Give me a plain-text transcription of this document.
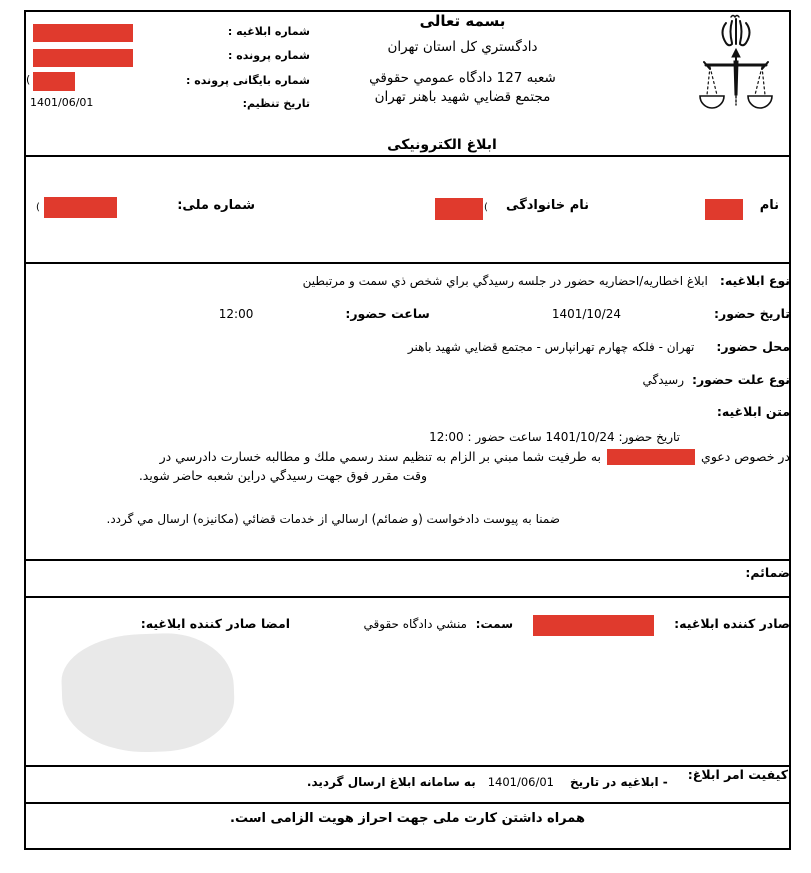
شماره ابلاغیه :
شماره پرونده :
شماره بایگانی پرونده :
تاریخ تنظیم:
(
1401/06/01
بسمه تعالی
دادگستري کل استان تهران
شعبه 127 دادگاه عمومي حقوقي
مجتمع قضايي شهيد باهنر تهران
ابلاغ الکترونیکی
نام
نام خانوادگی
(
شماره ملی:
(
نوع ابلاغیه:
ابلاغ اخطاریه/احضاریه حضور در جلسه رسیدگي براي شخص ذي سمت و مرتبطین
تاریخ حضور:
1401/10/24
ساعت حضور:
12:00
محل حضور:
تهران - فلکه چهارم تهرانپارس - مجتمع قضايي شهيد باهنر
نوع علت حضور:
رسیدگي
متن ابلاغیه:
تاریخ حضور: 1401/10/24 ساعت حضور : 12:00
در خصوص دعوي
به طرفیت شما مبني بر الزام به تنظیم سند رسمي ملك و مطالبه خسارت دادرسي در
وقت مقرر فوق جهت رسیدگي دراین شعبه حاضر شوید.
ضمنا به پیوست دادخواست (و ضمائم) ارسالي از خدمات قضائي (مکانیزه) ارسال مي گردد.
ضمائم:
صادر کننده ابلاغیه:
سمت:
منشي دادگاه حقوقي
امضا صادر کننده ابلاغیه:
کیفیت امر ابلاغ:
- ابلاغیه در تاریخ
1401/06/01
به سامانه ابلاغ ارسال گردید.
همراه داشتن کارت ملی جهت احراز هویت الزامی است.
